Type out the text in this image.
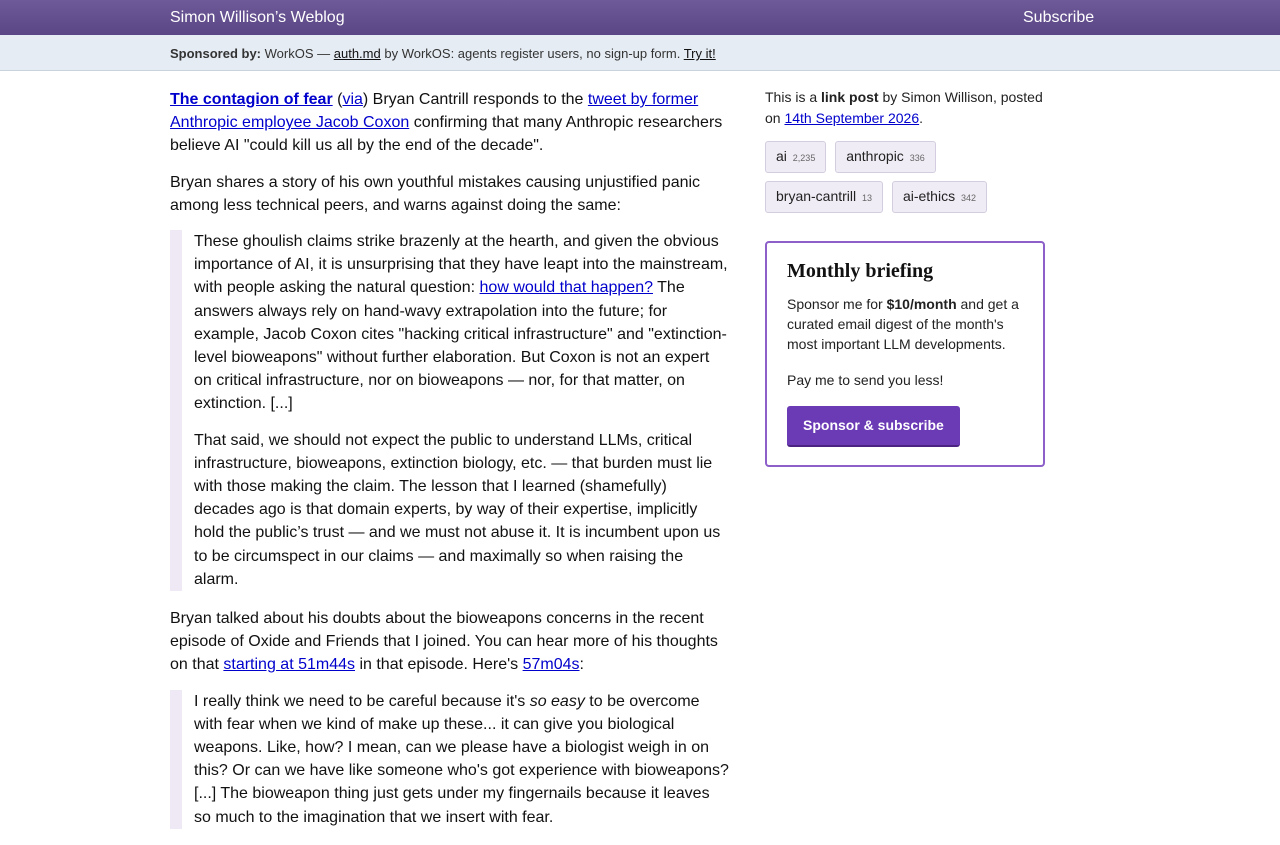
Simon Willison’s Weblog	Subscribe
Sponsored by: WorkOS — auth.md by WorkOS: agents register users, no sign-up form. Try it!

The contagion of fear (via) Bryan Cantrill responds to the tweet by former Anthropic employee Jacob Coxon confirming that many Anthropic researchers believe AI "could kill us all by the end of the decade".

Bryan shares a story of his own youthful mistakes causing unjustified panic among less technical peers, and warns against doing the same:

These ghoulish claims strike brazenly at the hearth, and given the obvious importance of AI, it is unsurprising that they have leapt into the mainstream, with people asking the natural question: how would that happen? The answers always rely on hand-wavy extrapolation into the future; for example, Jacob Coxon cites "hacking critical infrastructure" and "extinction-level bioweapons" without further elaboration. But Coxon is not an expert on critical infrastructure, nor on bioweapons — nor, for that matter, on extinction. [...]

That said, we should not expect the public to understand LLMs, critical infrastructure, bioweapons, extinction biology, etc. — that burden must lie with those making the claim. The lesson that I learned (shamefully) decades ago is that domain experts, by way of their expertise, implicitly hold the public’s trust — and we must not abuse it. It is incumbent upon us to be circumspect in our claims — and maximally so when raising the alarm.

Bryan talked about his doubts about the bioweapons concerns in the recent episode of Oxide and Friends that I joined. You can hear more of his thoughts on that starting at 51m44s in that episode. Here's 57m04s:

I really think we need to be careful because it's so easy to be overcome with fear when we kind of make up these... it can give you biological weapons. Like, how? I mean, can we please have a biologist weigh in on this? Or can we have like someone who's got experience with bioweapons? [...] The bioweapon thing just gets under my fingernails because it leaves so much to the imagination that we insert with fear.

This is a link post by Simon Willison, posted on 14th September 2026.

ai 2,235 anthropic 336
bryan-cantrill 13 ai-ethics 342
Monthly briefing

Sponsor me for $10/month and get a curated email digest of the month's most important LLM developments.

Pay me to send you less!

Sponsor & subscribe
